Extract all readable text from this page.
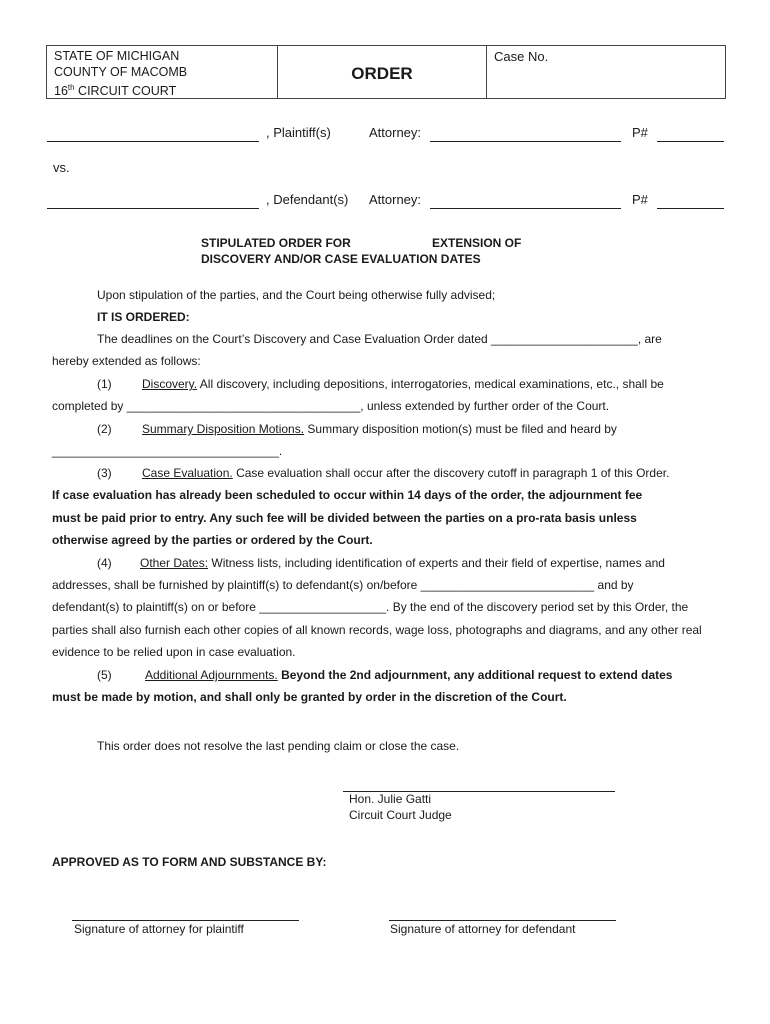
STATE OF MICHIGAN
COUNTY OF MACOMB
16th CIRCUIT COURT
ORDER
Case No.
, Plaintiff(s)	Attorney:	P#
vs.
, Defendant(s) Attorney:	P#
STIPULATED ORDER FOR	EXTENSION OF
DISCOVERY AND/OR CASE EVALUATION DATES
Upon stipulation of the parties, and the Court being otherwise fully advised;
IT IS ORDERED:
The deadlines on the Court’s Discovery and Case Evaluation Order dated ______________________, are
hereby extended as follows:
(1)	Discovery. All discovery, including depositions, interrogatories, medical examinations, etc., shall be
completed by ___________________________________, unless extended by further order of the Court.
(2)	Summary Disposition Motions. Summary disposition motion(s) must be filed and heard by
__________________________________.
(3)	Case Evaluation. Case evaluation shall occur after the discovery cutoff in paragraph 1 of this Order.
If case evaluation has already been scheduled to occur within 14 days of the order, the adjournment fee
must be paid prior to entry. Any such fee will be divided between the parties on a pro-rata basis unless
otherwise agreed by the parties or ordered by the Court.
(4) Other Dates: Witness lists, including identification of experts and their field of expertise, names and
addresses, shall be furnished by plaintiff(s) to defendant(s) on/before __________________________ and by
defendant(s) to plaintiff(s) on or before ___________________. By the end of the discovery period set by this Order, the
parties shall also furnish each other copies of all known records, wage loss, photographs and diagrams, and any other real
evidence to be relied upon in case evaluation.
(5)	Additional Adjournments. Beyond the 2nd adjournment, any additional request to extend dates
must be made by motion, and shall only be granted by order in the discretion of the Court.
This order does not resolve the last pending claim or close the case.
Hon. Julie Gatti
Circuit Court Judge
APPROVED AS TO FORM AND SUBSTANCE BY:
Signature of attorney for plaintiff	Signature of attorney for defendant
